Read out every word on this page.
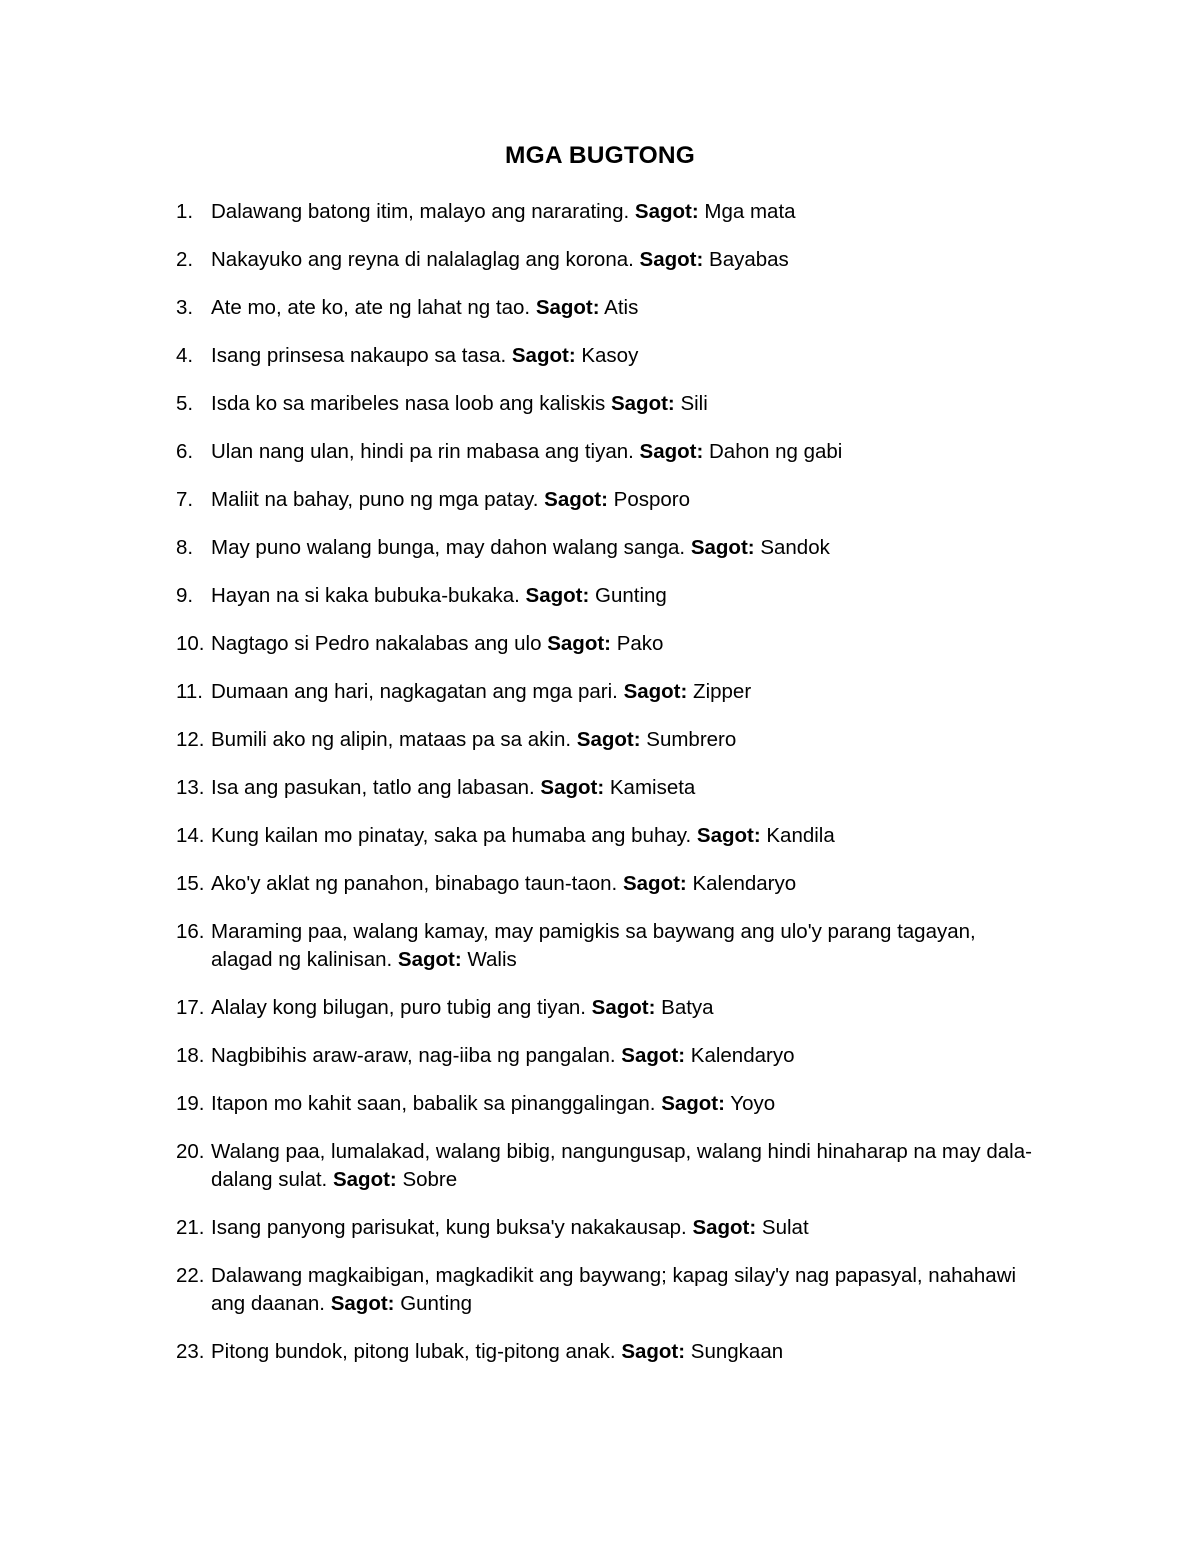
MGA BUGTONG
1. Dalawang batong itim, malayo ang nararating. Sagot: Mga mata
2. Nakayuko ang reyna di nalalaglag ang korona. Sagot: Bayabas
3. Ate mo, ate ko, ate ng lahat ng tao. Sagot: Atis
4. Isang prinsesa nakaupo sa tasa. Sagot: Kasoy
5. Isda ko sa maribeles nasa loob ang kaliskis Sagot: Sili
6. Ulan nang ulan, hindi pa rin mabasa ang tiyan. Sagot: Dahon ng gabi
7. Maliit na bahay, puno ng mga patay. Sagot: Posporo
8. May puno walang bunga, may dahon walang sanga. Sagot: Sandok
9. Hayan na si kaka bubuka-bukaka. Sagot: Gunting
10. Nagtago si Pedro nakalabas ang ulo Sagot: Pako
11. Dumaan ang hari, nagkagatan ang mga pari. Sagot: Zipper
12. Bumili ako ng alipin, mataas pa sa akin. Sagot: Sumbrero
13. Isa ang pasukan, tatlo ang labasan. Sagot: Kamiseta
14. Kung kailan mo pinatay, saka pa humaba ang buhay. Sagot: Kandila
15. Ako'y aklat ng panahon, binabago taun-taon. Sagot: Kalendaryo
16. Maraming paa, walang kamay, may pamigkis sa baywang ang ulo'y parang tagayan, alagad ng kalinisan. Sagot: Walis
17. Alalay kong bilugan, puro tubig ang tiyan. Sagot: Batya
18. Nagbibihis araw-araw, nag-iiba ng pangalan. Sagot: Kalendaryo
19. Itapon mo kahit saan, babalik sa pinanggalingan. Sagot: Yoyo
20. Walang paa, lumalakad, walang bibig, nangungusap, walang hindi hinaharap na may dala-dalang sulat. Sagot: Sobre
21. Isang panyong parisukat, kung buksa'y nakakausap. Sagot: Sulat
22. Dalawang magkaibigan, magkadikit ang baywang; kapag silay'y nag papasyal, nahahawi ang daanan. Sagot: Gunting
23. Pitong bundok, pitong lubak, tig-pitong anak. Sagot: Sungkaan
